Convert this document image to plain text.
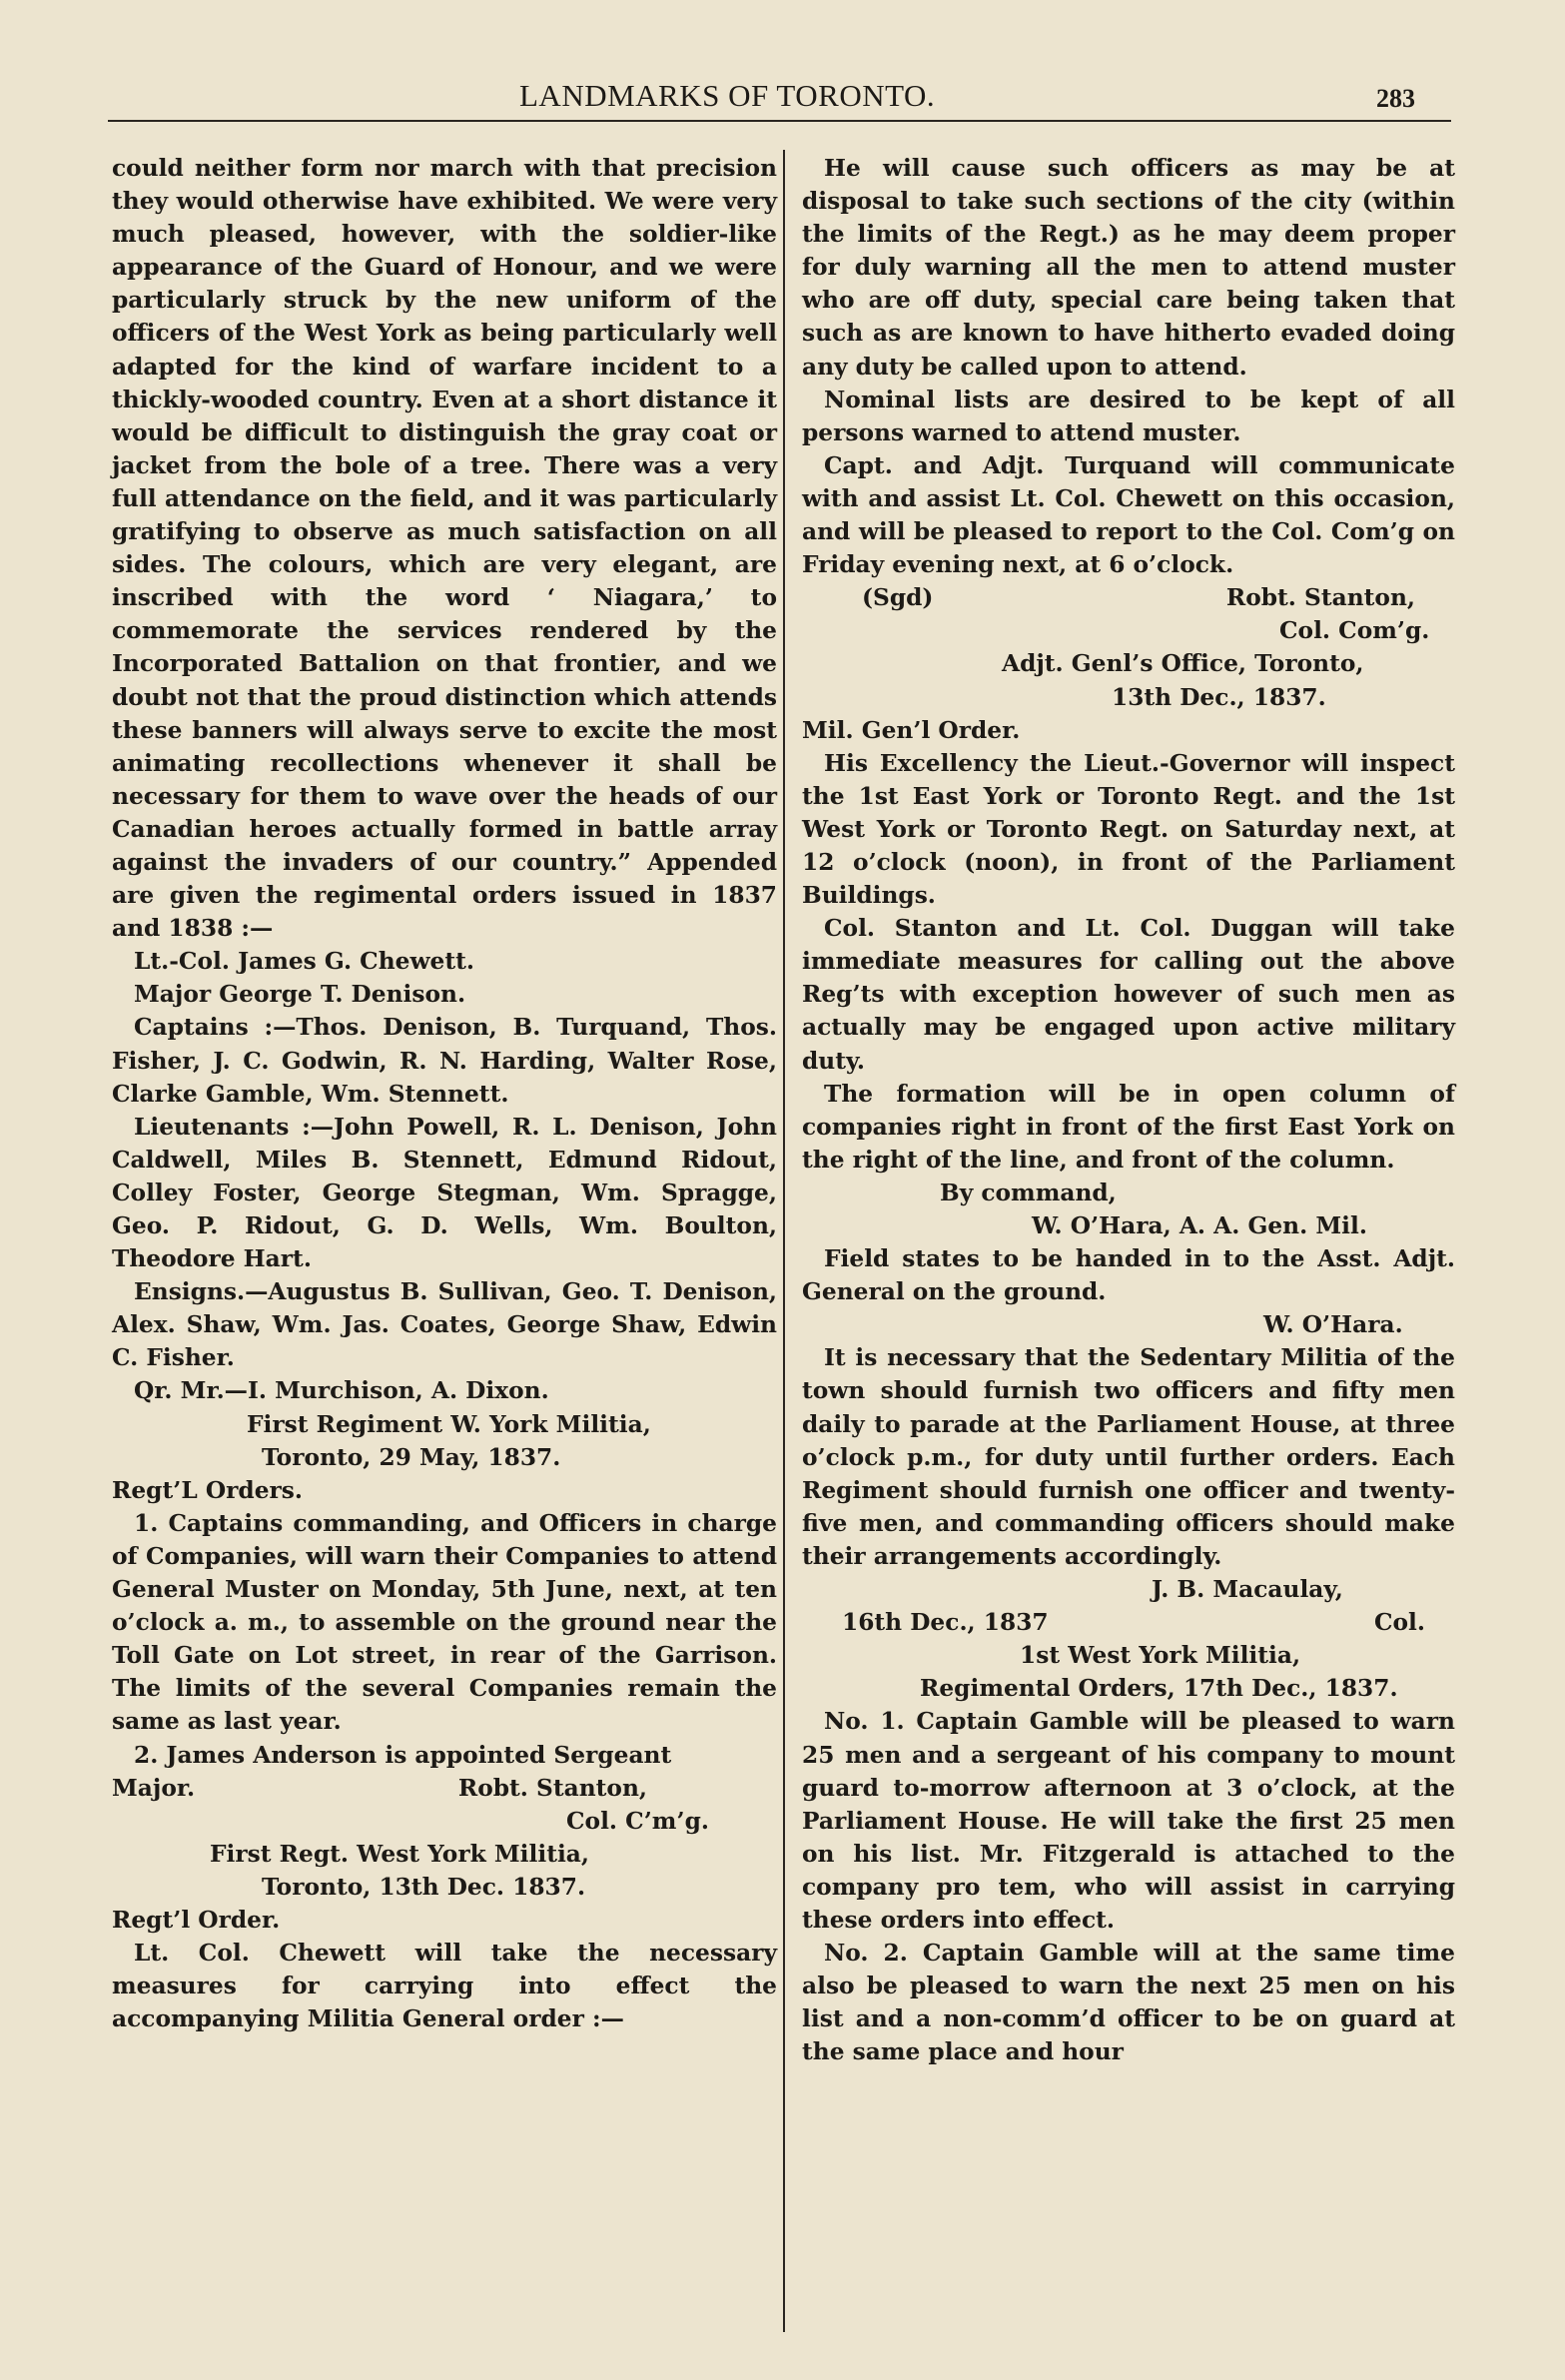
LANDMARKS OF TORONTO.	283

could neither form nor march with that precision they would otherwise have exhibited. We were very much pleased, however, with the soldier-like appearance of the Guard of Honour, and we were particularly struck by the new uniform of the officers of the West York as being particularly well adapted for the kind of warfare incident to a thickly-wooded country. Even at a short distance it would be difficult to distinguish the gray coat or jacket from the bole of a tree. There was a very full attendance on the field, and it was particularly gratifying to observe as much satisfaction on all sides. The colours, which are very elegant, are inscribed with the word ‘ Niagara,’ to commemorate the services rendered by the Incorporated Battalion on that frontier, and we doubt not that the proud distinction which attends these banners will always serve to excite the most animating recollections whenever it shall be necessary for them to wave over the heads of our Canadian heroes actually formed in battle array against the invaders of our country.” Appended are given the regimental orders issued in 1837 and 1838 :—

Lt.-Col. James G. Chewett.

Major George T. Denison.

Captains :—Thos. Denison, B. Turquand, Thos. Fisher, J. C. Godwin, R. N. Harding, Walter Rose, Clarke Gamble, Wm. Stennett.

Lieutenants :—John Powell, R. L. Denison, John Caldwell, Miles B. Stennett, Edmund Ridout, Colley Foster, George Stegman, Wm. Spragge, Geo. P. Ridout, G. D. Wells, Wm. Boulton, Theodore Hart.

Ensigns.—Augustus B. Sullivan, Geo. T. Denison, Alex. Shaw, Wm. Jas. Coates, George Shaw, Edwin C. Fisher.

Qr. Mr.—I. Murchison, A. Dixon.

First Regiment W. York Militia,

Toronto, 29 May, 1837.

Regt’L Orders.

1. Captains commanding, and Officers in charge of Companies, will warn their Companies to attend General Muster on Monday, 5th June, next, at ten o’clock a. m., to assemble on the ground near the Toll Gate on Lot street, in rear of the Garrison. The limits of the several Companies remain the same as last year.

2. James Anderson is appointed Sergeant

Major.	Robt. Stanton,

Col. C’m’g.

First Regt. West York Militia,

Toronto, 13th Dec. 1837.

Regt’l Order.

Lt. Col. Chewett will take the necessary measures for carrying into effect the accompanying Militia General order :—

He will cause such officers as may be at disposal to take such sections of the city (within the limits of the Regt.) as he may deem proper for duly warning all the men to attend muster who are off duty, special care being taken that such as are known to have hitherto evaded doing any duty be called upon to attend.

Nominal lists are desired to be kept of all persons warned to attend muster.

Capt. and Adjt. Turquand will communicate with and assist Lt. Col. Chewett on this occasion, and will be pleased to report to the Col. Com’g on Friday evening next, at 6 o’clock.

(Sgd)	Robt. Stanton,

Col. Com’g.

Adjt. Genl’s Office, Toronto,

13th Dec., 1837.

Mil. Gen’l Order.

His Excellency the Lieut.-Governor will inspect the 1st East York or Toronto Regt. and the 1st West York or Toronto Regt. on Saturday next, at 12 o’clock (noon), in front of the Parliament Buildings.

Col. Stanton and Lt. Col. Duggan will take immediate measures for calling out the above Reg’ts with exception however of such men as actually may be engaged upon active military duty.

The formation will be in open column of companies right in front of the first East York on the right of the line, and front of the column.

By command,

W. O’Hara, A. A. Gen. Mil.

Field states to be handed in to the Asst. Adjt. General on the ground.

W. O’Hara.

It is necessary that the Sedentary Militia of the town should furnish two officers and fifty men daily to parade at the Parliament House, at three o’clock p.m., for duty until further orders. Each Regiment should furnish one officer and twenty-five men, and commanding officers should make their arrangements accordingly.

J. B. Macaulay,

16th Dec., 1837	Col.

1st West York Militia,

Regimental Orders, 17th Dec., 1837.

No. 1. Captain Gamble will be pleased to warn 25 men and a sergeant of his company to mount guard to-morrow afternoon at 3 o’clock, at the Parliament House. He will take the first 25 men on his list. Mr. Fitzgerald is attached to the company pro tem, who will assist in carrying these orders into effect.

No. 2. Captain Gamble will at the same time also be pleased to warn the next 25 men on his list and a non-comm’d officer to be on guard at the same place and hour
